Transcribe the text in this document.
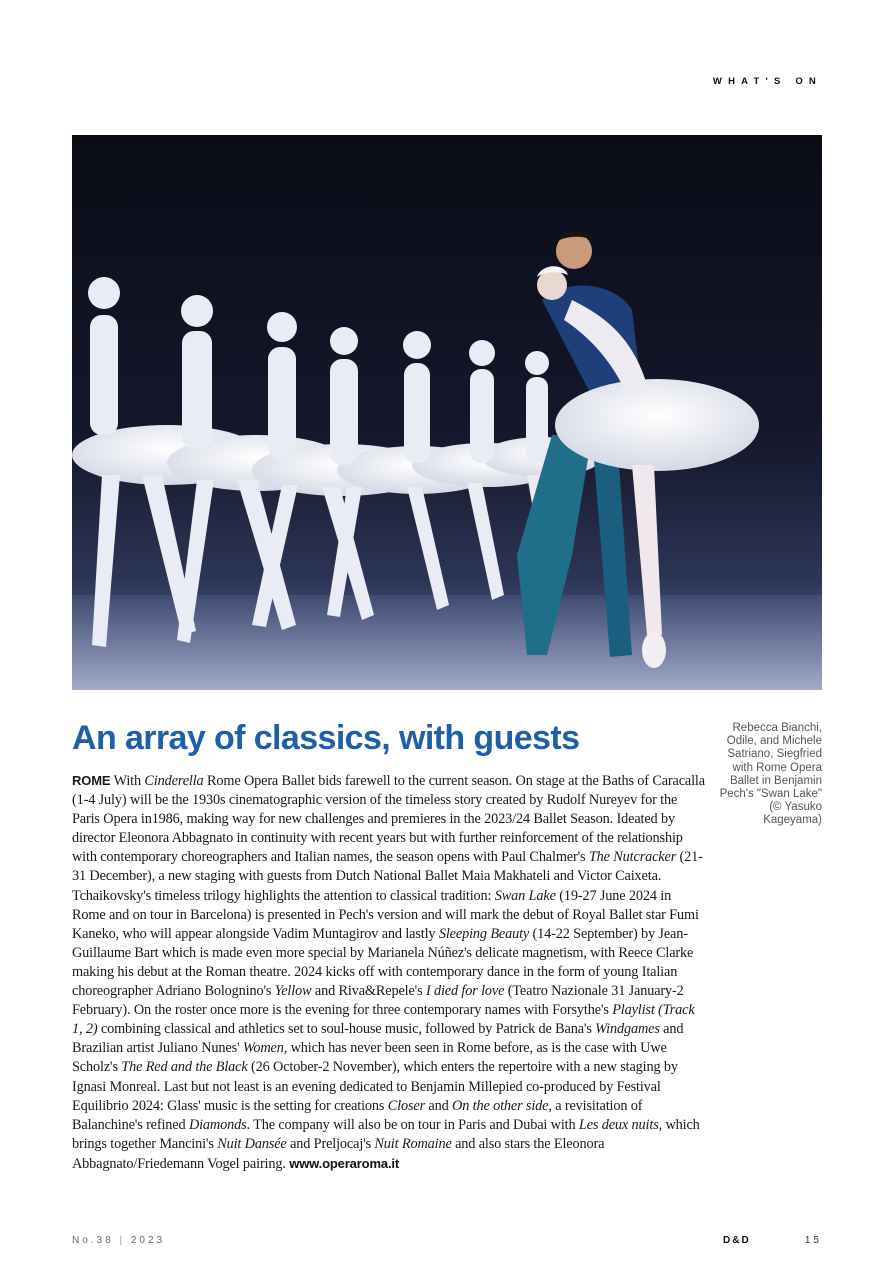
WHAT'S ON
Rebecca Bianchi, Odile, and Michele Satriano, Siegfried with Rome Opera Ballet in Benjamin Pech's "Swan Lake" (© Yasuko Kageyama)
An array of classics, with guests

ROME With Cinderella Rome Opera Ballet bids farewell to the current season. On stage at the Baths of Caracalla (1-4 July) will be the 1930s cinematographic version of the timeless story created by Rudolf Nureyev for the Paris Opera in1986, making way for new challenges and premieres in the 2023/24 Ballet Season. Ideated by director Eleonora Abbagnato in continuity with recent years but with further reinforcement of the relationship with contemporary choreographers and Italian names, the season opens with Paul Chalmer's The Nutcracker (21-31 December), a new staging with guests from Dutch National Ballet Maia Makhateli and Victor Caixeta. Tchaikovsky's timeless trilogy highlights the attention to classical tradition: Swan Lake (19-27 June 2024 in Rome and on tour in Barcelona) is presented in Pech's version and will mark the debut of Royal Ballet star Fumi Kaneko, who will appear alongside Vadim Muntagirov and lastly Sleeping Beauty (14-22 September) by Jean-Guillaume Bart which is made even more special by Marianela Núñez's delicate magnetism, with Reece Clarke making his debut at the Roman theatre. 2024 kicks off with contemporary dance in the form of young Italian choreographer Adriano Bolognino's Yellow and Riva&Repele's I died for love (Teatro Nazionale 31 January-2 February). On the roster once more is the evening for three contemporary names with Forsythe's Playlist (Track 1, 2) combining classical and athletics set to soul-house music, followed by Patrick de Bana's Windgames and Brazilian artist Juliano Nunes' Women, which has never been seen in Rome before, as is the case with Uwe Scholz's The Red and the Black (26 October-2 November), which enters the repertoire with a new staging by Ignasi Monreal. Last but not least is an evening dedicated to Benjamin Millepied co-produced by Festival Equilibrio 2024: Glass' music is the setting for creations Closer and On the other side, a revisitation of Balanchine's refined Diamonds. The company will also be on tour in Paris and Dubai with Les deux nuits, which brings together Mancini's Nuit Dansée and Preljocaj's Nuit Romaine and also stars the Eleonora Abbagnato/Friedemann Vogel pairing. www.operaroma.it

No.38 | 2023	D&D	15
